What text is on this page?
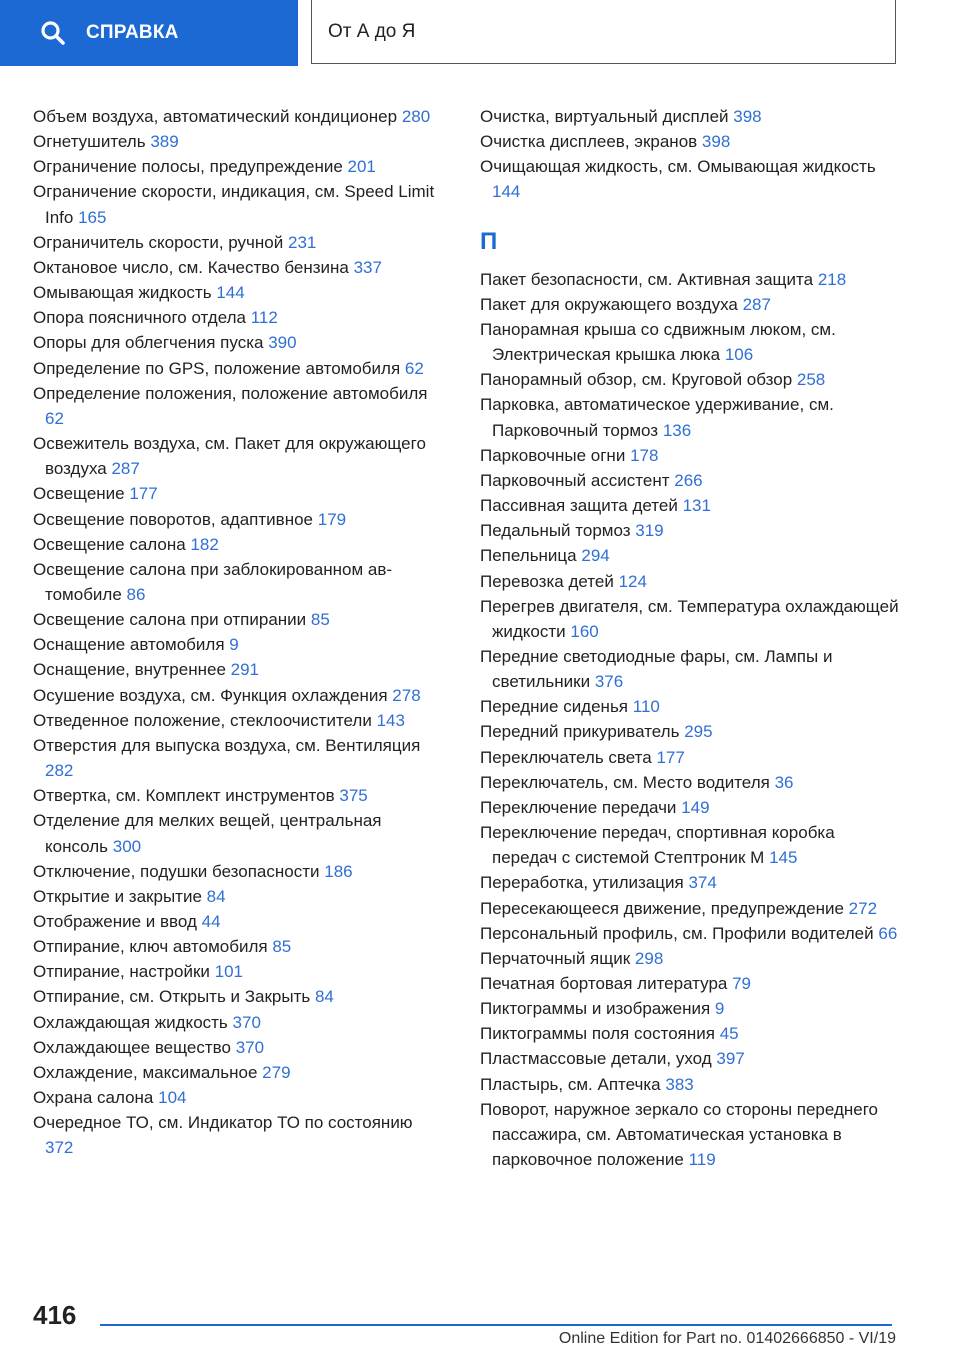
СПРАВКА	От А до Я
Объем воздуха, автоматический кондиционер 280
Огнетушитель 389
Ограничение полосы, предупреждение 201
Ограничение скорости, индикация, см. Speed Limit Info 165
Ограничитель скорости, ручной 231
Октановое число, см. Качество бензина 337
Омывающая жидкость 144
Опора поясничного отдела 112
Опоры для облегчения пуска 390
Определение по GPS, положение автомобиля 62
Определение положения, положение автомобиля 62
Освежитель воздуха, см. Пакет для окружающего воздуха 287
Освещение 177
Освещение поворотов, адаптивное 179
Освещение салона 182
Освещение салона при заблокированном автомобиле 86
Освещение салона при отпирании 85
Оснащение автомобиля 9
Оснащение, внутреннее 291
Осушение воздуха, см. Функция охлаждения 278
Отведенное положение, стеклоочистители 143
Отверстия для выпуска воздуха, см. Вентиляция 282
Отвертка, см. Комплект инструментов 375
Отделение для мелких вещей, центральная консоль 300
Отключение, подушки безопасности 186
Открытие и закрытие 84
Отображение и ввод 44
Отпирание, ключ автомобиля 85
Отпирание, настройки 101
Отпирание, см. Открыть и Закрыть 84
Охлаждающая жидкость 370
Охлаждающее вещество 370
Охлаждение, максимальное 279
Охрана салона 104
Очередное ТО, см. Индикатор ТО по состоянию 372
Очистка, виртуальный дисплей 398
Очистка дисплеев, экранов 398
Очищающая жидкость, см. Омывающая жидкость 144
П
Пакет безопасности, см. Активная защита 218
Пакет для окружающего воздуха 287
Панорамная крыша со сдвижным люком, см. Электрическая крышка люка 106
Панорамный обзор, см. Круговой обзор 258
Парковка, автоматическое удерживание, см. Парковочный тормоз 136
Парковочные огни 178
Парковочный ассистент 266
Пассивная защита детей 131
Педальный тормоз 319
Пепельница 294
Перевозка детей 124
Перегрев двигателя, см. Температура охлаждающей жидкости 160
Передние светодиодные фары, см. Лампы и светильники 376
Передние сиденья 110
Передний прикуриватель 295
Переключатель света 177
Переключатель, см. Место водителя 36
Переключение передачи 149
Переключение передач, спортивная коробка передач с системой Стептроник М 145
Переработка, утилизация 374
Пересекающееся движение, предупреждение 272
Персональный профиль, см. Профили водителей 66
Перчаточный ящик 298
Печатная бортовая литература 79
Пиктограммы и изображения 9
Пиктограммы поля состояния 45
Пластмассовые детали, уход 397
Пластырь, см. Аптечка 383
Поворот, наружное зеркало со стороны переднего пассажира, см. Автоматическая установка в парковочное положение 119
416
Online Edition for Part no. 01402666850 - VI/19
